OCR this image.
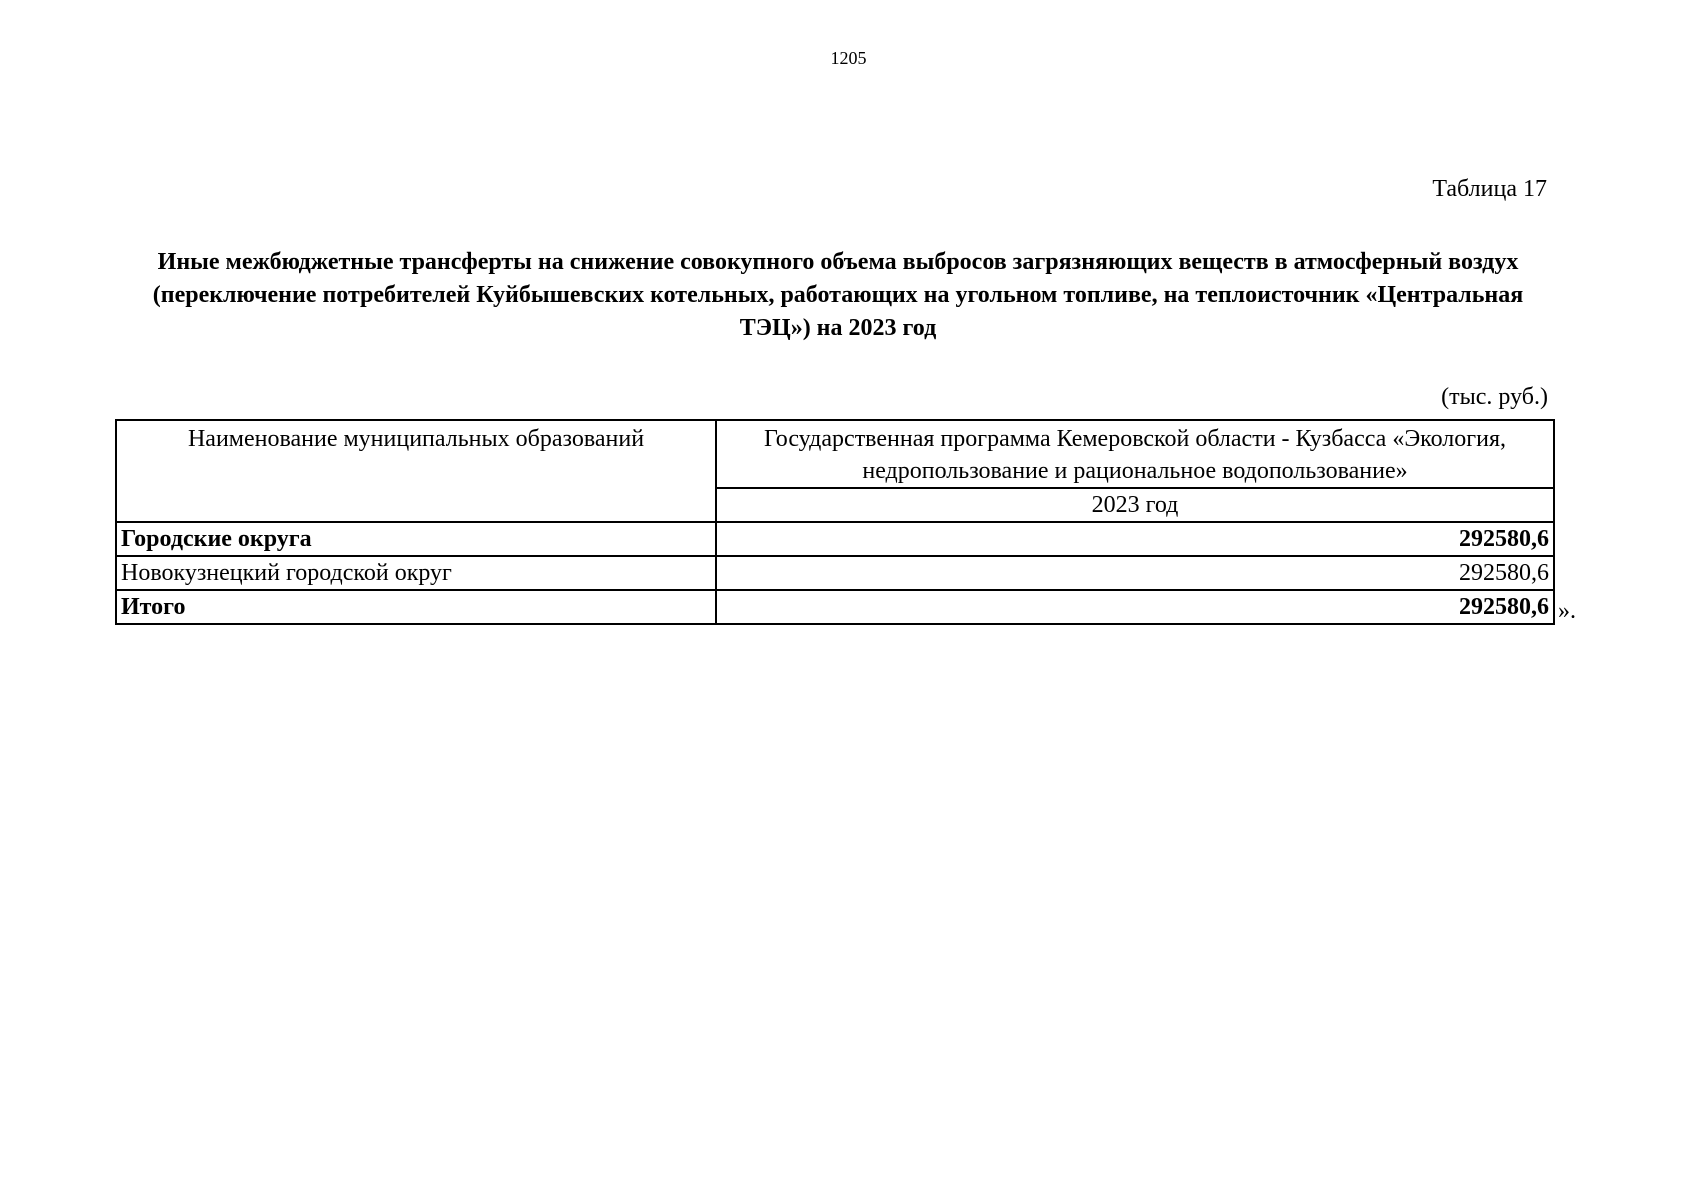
1205
Таблица 17
Иные межбюджетные трансферты на снижение совокупного объема выбросов загрязняющих веществ в атмосферный воздух (переключение потребителей Куйбышевских котельных, работающих на угольном топливе, на теплоисточник «Центральная ТЭЦ») на 2023 год
(тыс. руб.)
Наименование муниципальных образований	Государственная программа Кемеровской области - Кузбасса «Экология, недропользование и рациональное водопользование»
	2023 год
Городские округа	292580,6
Новокузнецкий городской округ	292580,6
Итого	292580,6 ».
